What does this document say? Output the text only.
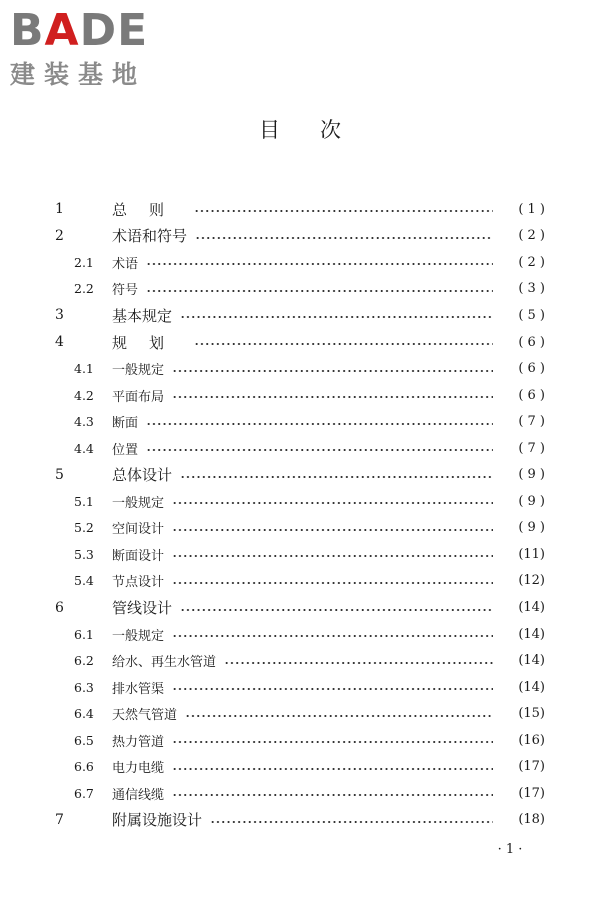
BADE
建装基地
目次
1	总则	( 1 )
2	术语和符号	( 2 )
2.1	术语	( 2 )
2.2	符号	( 3 )
3	基本规定	( 5 )
4	规划	( 6 )
4.1	一般规定	( 6 )
4.2	平面布局	( 6 )
4.3	断面	( 7 )
4.4	位置	( 7 )
5	总体设计	( 9 )
5.1	一般规定	( 9 )
5.2	空间设计	( 9 )
5.3	断面设计	(11)
5.4	节点设计	(12)
6	管线设计	(14)
6.1	一般规定	(14)
6.2	给水、再生水管道	(14)
6.3	排水管渠	(14)
6.4	天然气管道	(15)
6.5	热力管道	(16)
6.6	电力电缆	(17)
6.7	通信线缆	(17)
7	附属设施设计	(18)
· 1 ·
